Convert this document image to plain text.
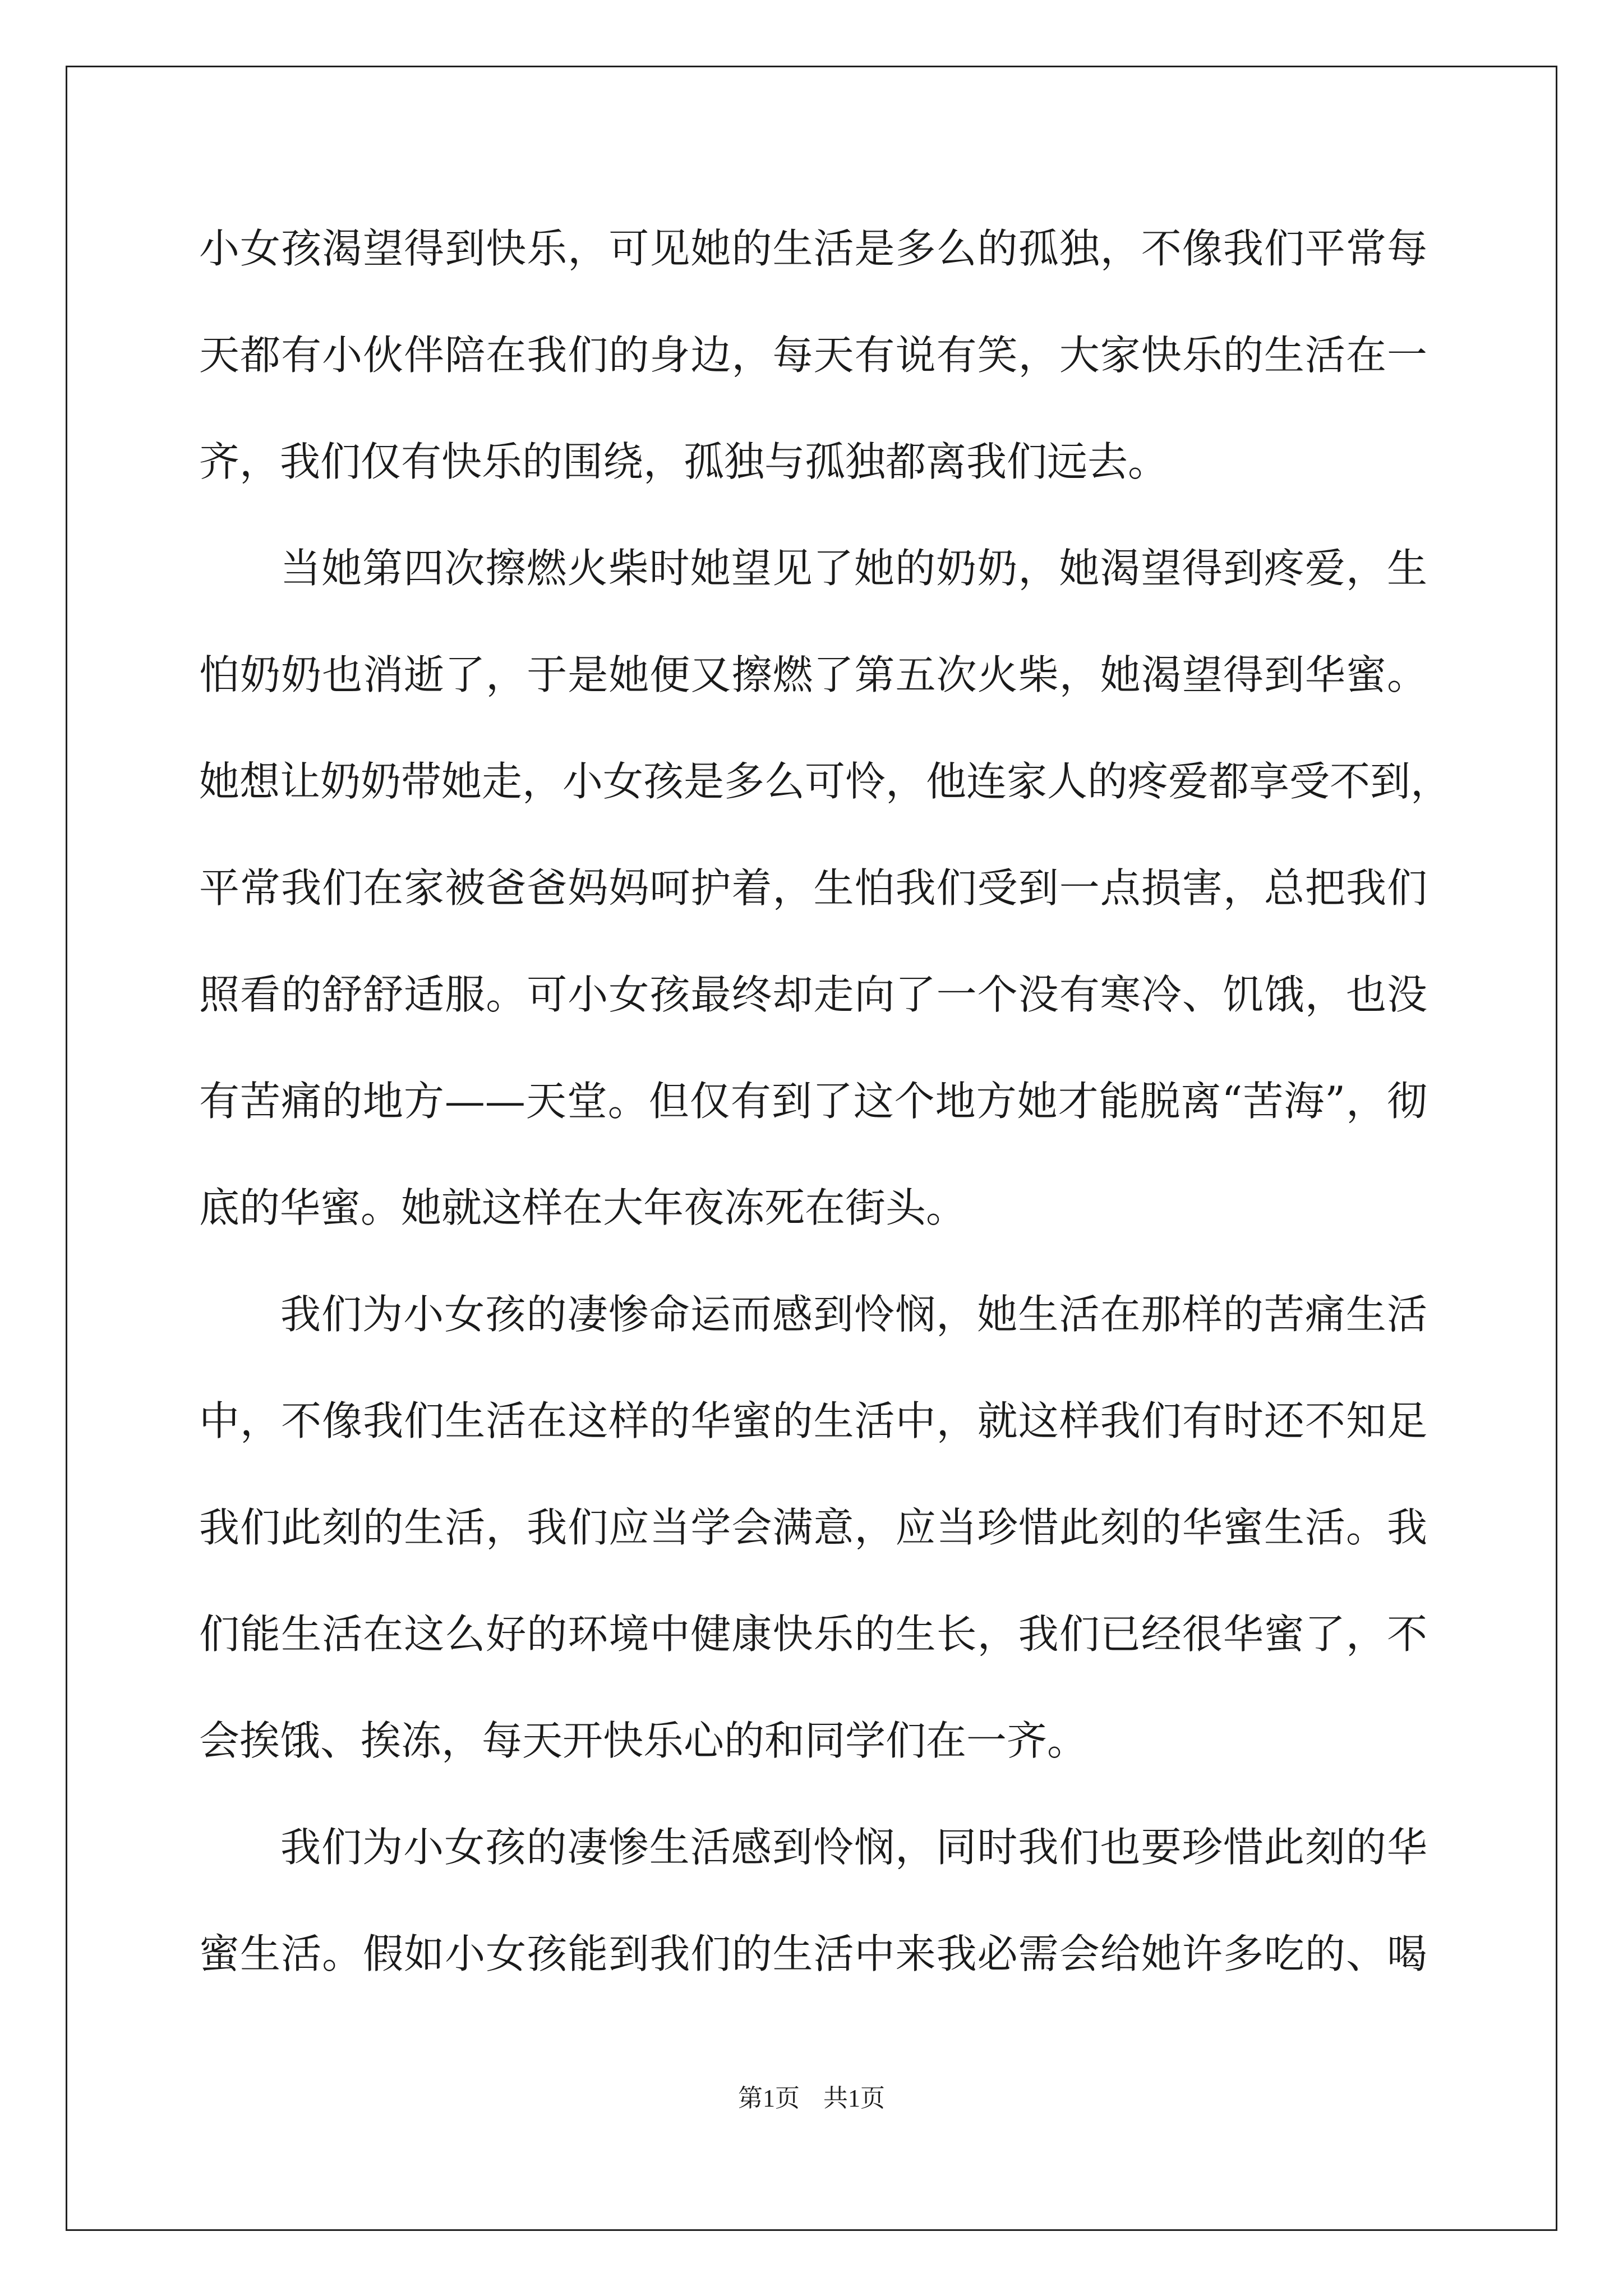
小女孩渴望得到快乐，可见她的生活是多么的孤独，不像我们平常每
天都有小伙伴陪在我们的身边，每天有说有笑，大家快乐的生活在一
齐，我们仅有快乐的围绕，孤独与孤独都离我们远去。
当她第四次擦燃火柴时她望见了她的奶奶，她渴望得到疼爱，生
怕奶奶也消逝了，于是她便又擦燃了第五次火柴，她渴望得到华蜜。
她想让奶奶带她走，小女孩是多么可怜，他连家人的疼爱都享受不到，
平常我们在家被爸爸妈妈呵护着，生怕我们受到一点损害，总把我们
照看的舒舒适服。可小女孩最终却走向了一个没有寒冷、饥饿，也没
有苦痛的地方——天堂。但仅有到了这个地方她才能脱离“苦海”，彻
底的华蜜。她就这样在大年夜冻死在街头。
我们为小女孩的凄惨命运而感到怜悯，她生活在那样的苦痛生活
中，不像我们生活在这样的华蜜的生活中，就这样我们有时还不知足
我们此刻的生活，我们应当学会满意，应当珍惜此刻的华蜜生活。我
们能生活在这么好的环境中健康快乐的生长，我们已经很华蜜了，不
会挨饿、挨冻，每天开快乐心的和同学们在一齐。
我们为小女孩的凄惨生活感到怜悯，同时我们也要珍惜此刻的华
蜜生活。假如小女孩能到我们的生活中来我必需会给她许多吃的、喝
第1页 共1页
